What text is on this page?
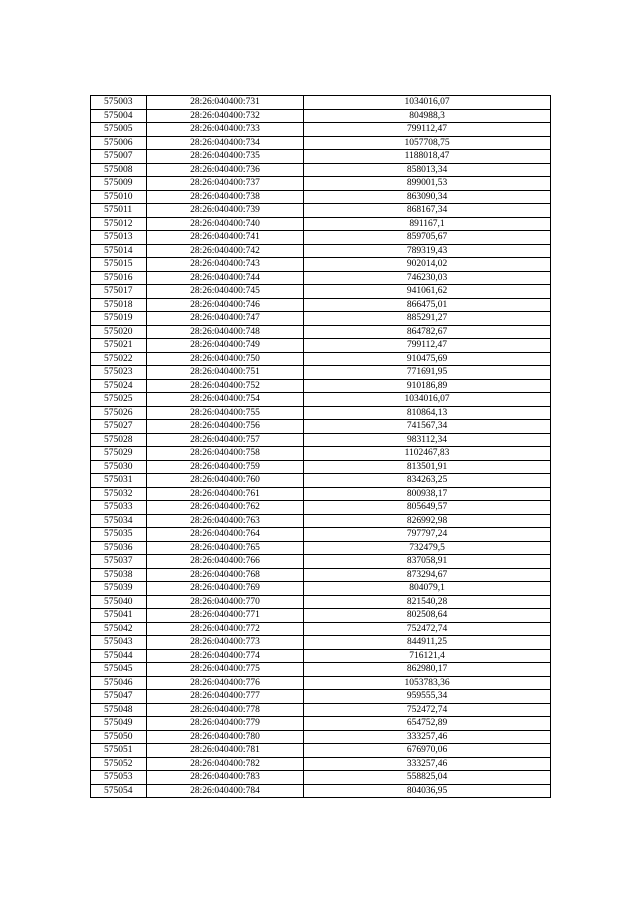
575003	28:26:040400:731	1034016,07
575004	28:26:040400:732	804988,3
575005	28:26:040400:733	799112,47
575006	28:26:040400:734	1057708,75
575007	28:26:040400:735	1188018,47
575008	28:26:040400:736	858013,34
575009	28:26:040400:737	899001,53
575010	28:26:040400:738	863090,34
575011	28:26:040400:739	868167,34
575012	28:26:040400:740	891167,1
575013	28:26:040400:741	859705,67
575014	28:26:040400:742	789319,43
575015	28:26:040400:743	902014,02
575016	28:26:040400:744	746230,03
575017	28:26:040400:745	941061,62
575018	28:26:040400:746	866475,01
575019	28:26:040400:747	885291,27
575020	28:26:040400:748	864782,67
575021	28:26:040400:749	799112,47
575022	28:26:040400:750	910475,69
575023	28:26:040400:751	771691,95
575024	28:26:040400:752	910186,89
575025	28:26:040400:754	1034016,07
575026	28:26:040400:755	810864,13
575027	28:26:040400:756	741567,34
575028	28:26:040400:757	983112,34
575029	28:26:040400:758	1102467,83
575030	28:26:040400:759	813501,91
575031	28:26:040400:760	834263,25
575032	28:26:040400:761	800938,17
575033	28:26:040400:762	805649,57
575034	28:26:040400:763	826992,98
575035	28:26:040400:764	797797,24
575036	28:26:040400:765	732479,5
575037	28:26:040400:766	837058,91
575038	28:26:040400:768	873294,67
575039	28:26:040400:769	804079,1
575040	28:26:040400:770	821540,28
575041	28:26:040400:771	802508,64
575042	28:26:040400:772	752472,74
575043	28:26:040400:773	844911,25
575044	28:26:040400:774	716121,4
575045	28:26:040400:775	862980,17
575046	28:26:040400:776	1053783,36
575047	28:26:040400:777	959555,34
575048	28:26:040400:778	752472,74
575049	28:26:040400:779	654752,89
575050	28:26:040400:780	333257,46
575051	28:26:040400:781	676970,06
575052	28:26:040400:782	333257,46
575053	28:26:040400:783	558825,04
575054	28:26:040400:784	804036,95
